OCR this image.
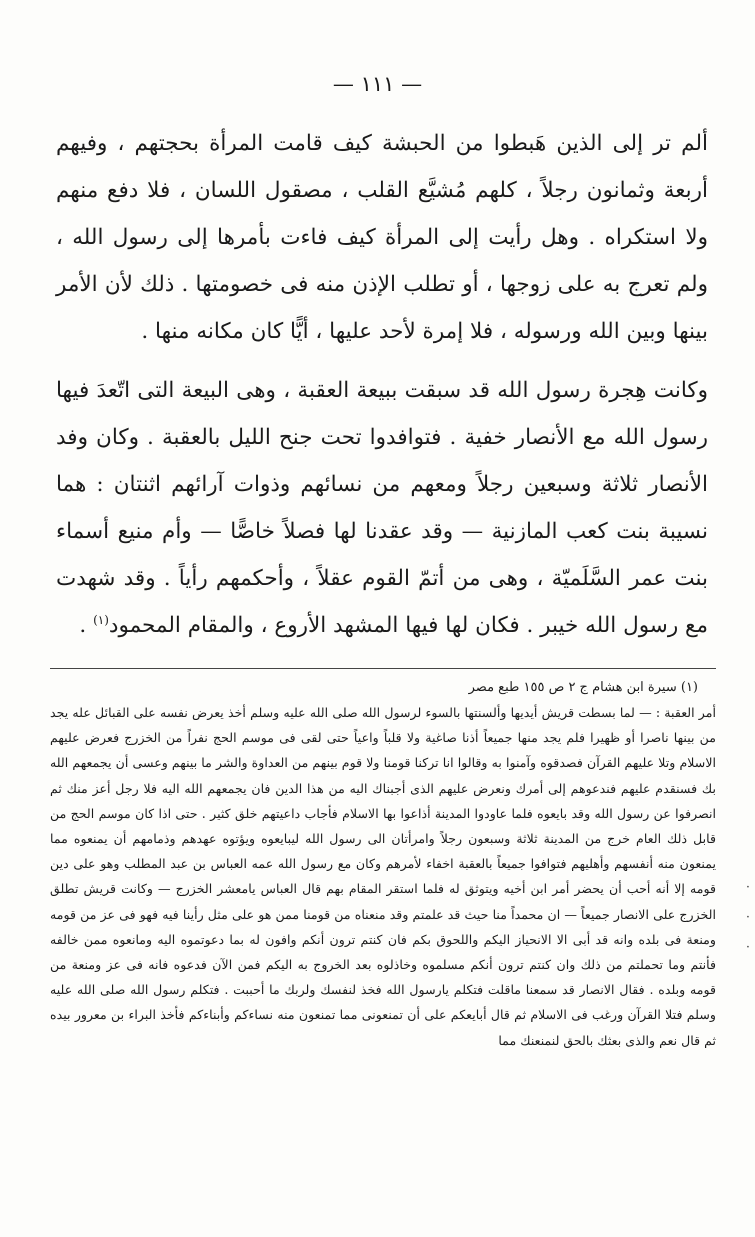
— ١١١ —

ألم تر إلى الذين هَبطوا من الحبشة كيف قامت المرأة بحجتهم ، وفيهم أربعة وثمانون رجلاً ، كلهم مُشيَّع القلب ، مصقول اللسان ، فلا دفع منهم ولا استكراه . وهل رأيت إلى المرأة كيف فاءت بأمرها إلى رسول الله ، ولم تعرج به على زوجها ، أو تطلب الإذن منه فى خصومتها . ذلك لأن الأمر بينها وبين الله ورسوله ، فلا إمرة لأحد عليها ، أيًّا كان مكانه منها .

وكانت هِجرة رسول الله قد سبقت ببيعة العقبة ، وهى البيعة التى اتّعدَ فيها رسول الله مع الأنصار خفية . فتوافدوا تحت جنح الليل بالعقبة . وكان وفد الأنصار ثلاثة وسبعين رجلاً ومعهم من نسائهم وذوات آرائهم اثنتان : هما نسيبة بنت كعب المازنية — وقد عقدنا لها فصلاً خاصًّا — وأم منيع أسماء بنت عمر السَّلَميّة ، وهى من أتمّ القوم عقلاً ، وأحكمهم رأياً . وقد شهدت مع رسول الله خيبر . فكان لها فيها المشهد الأروع ، والمقام المحمود$^{(١)}$ .

(١) سيرة ابن هشام ج ٢ ص ١٥٥ طبع مصر

أمر العقبة : — لما بسطت قريش أيديها وألسنتها بالسوء لرسول الله صلى الله عليه وسلم أخذ يعرض نفسه على القبائل عله يجد من بينها ناصرا أو ظهيرا فلم يجد منها جميعاً أذنا صاغية ولا قلباً واعياً حتى لقى فى موسم الحج نفراً من الخزرج فعرض عليهم الاسلام وتلا عليهم القرآن فصدقوه وآمنوا به وقالوا انا تركنا قومنا ولا قوم بينهم من العداوة والشر ما بينهم وعسى أن يجمعهم الله بك فسنقدم عليهم فندعوهم إلى أمرك ونعرض عليهم الذى أجبناك اليه من هذا الدين فان يجمعهم الله اليه فلا رجل أعز منك ثم انصرفوا عن رسول الله وقد بايعوه فلما عاودوا المدينة أذاعوا بها الاسلام فأجاب داعيتهم خلق كثير . حتى اذا كان موسم الحج من قابل ذلك العام خرج من المدينة ثلاثة وسبعون رجلاً وامرأتان الى رسول الله ليبايعوه ويؤتوه عهدهم وذمامهم أن يمنعوه مما يمنعون منه أنفسهم وأهليهم فتوافوا جميعاً بالعقبة اخفاء لأمرهم وكان مع رسول الله عمه العباس بن عبد المطلب وهو على دين قومه إلا أنه أحب أن يحضر أمر ابن أخيه ويتوثق له فلما استقر المقام بهم قال العباس يامعشر الخزرج — وكانت قريش تطلق الخزرج على الانصار جميعاً — ان محمداً منا حيث قد علمتم وقد منعناه من قومنا ممن هو على مثل رأينا فيه فهو فى عز من قومه ومنعة فى بلده وانه قد أبى الا الانحياز اليكم واللحوق بكم فان كنتم ترون أنكم وافون له بما دعوتموه اليه ومانعوه ممن خالفه فأنتم وما تحملتم من ذلك وان كنتم ترون أنكم مسلموه وخاذلوه بعد الخروج به اليكم فمن الآن فدعوه فانه فى عز ومنعة من قومه وبلده . فقال الانصار قد سمعنا ماقلت فتكلم يارسول الله فخذ لنفسك ولربك ما أحببت . فتكلم رسول الله صلى الله عليه وسلم فتلا القرآن ورغب فى الاسلام ثم قال أبايعكم على أن تمنعونى مما تمنعون منه نساءكم وأبناءكم فأخذ البراء بن معرور بيده ثم قال نعم والذى بعثك بالحق لنمنعنك مما

·
·
·
